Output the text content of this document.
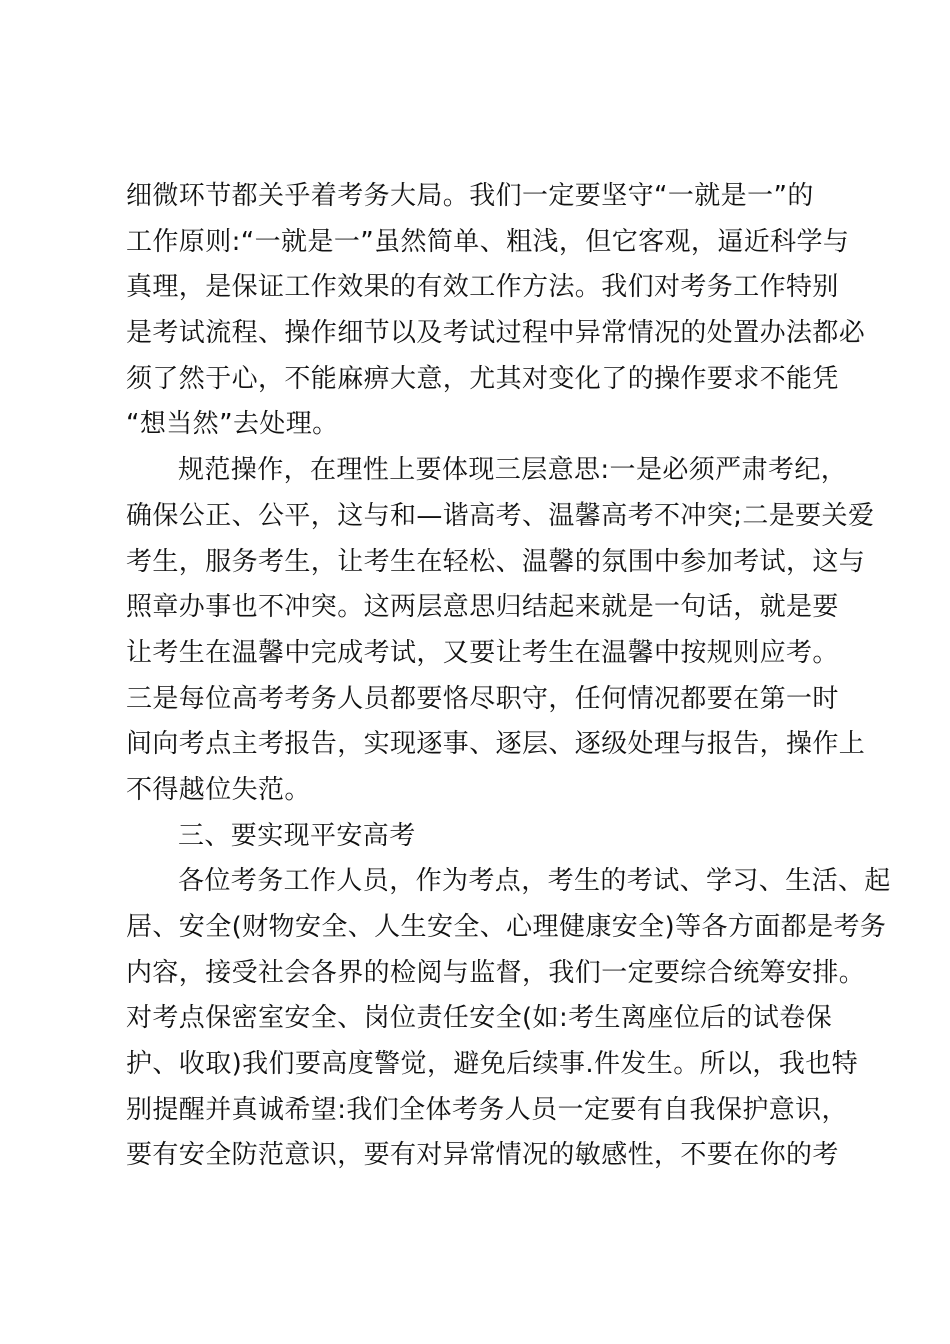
细微环节都关乎着考务大局。我们一定要坚守“一就是一”的
工作原则:“一就是一”虽然简单、粗浅，但它客观，逼近科学与
真理，是保证工作效果的有效工作方法。我们对考务工作特别
是考试流程、操作细节以及考试过程中异常情况的处置办法都必
须了然于心，不能麻痹大意，尤其对变化了的操作要求不能凭
“想当然”去处理。
规范操作，在理性上要体现三层意思:一是必须严肃考纪，
确保公正、公平，这与和—谐高考、温馨高考不冲突;二是要关爱
考生，服务考生，让考生在轻松、温馨的氛围中参加考试，这与
照章办事也不冲突。这两层意思归结起来就是一句话，就是要
让考生在温馨中完成考试，又要让考生在温馨中按规则应考。
三是每位高考考务人员都要恪尽职守，任何情况都要在第一时
间向考点主考报告，实现逐事、逐层、逐级处理与报告，操作上
不得越位失范。
三、要实现平安高考
各位考务工作人员，作为考点，考生的考试、学习、生活、起
居、安全(财物安全、人生安全、心理健康安全)等各方面都是考务
内容，接受社会各界的检阅与监督，我们一定要综合统筹安排。
对考点保密室安全、岗位责任安全(如:考生离座位后的试卷保
护、收取)我们要高度警觉，避免后续事.件发生。所以，我也特
别提醒并真诚希望:我们全体考务人员一定要有自我保护意识，
要有安全防范意识，要有对异常情况的敏感性，不要在你的考
